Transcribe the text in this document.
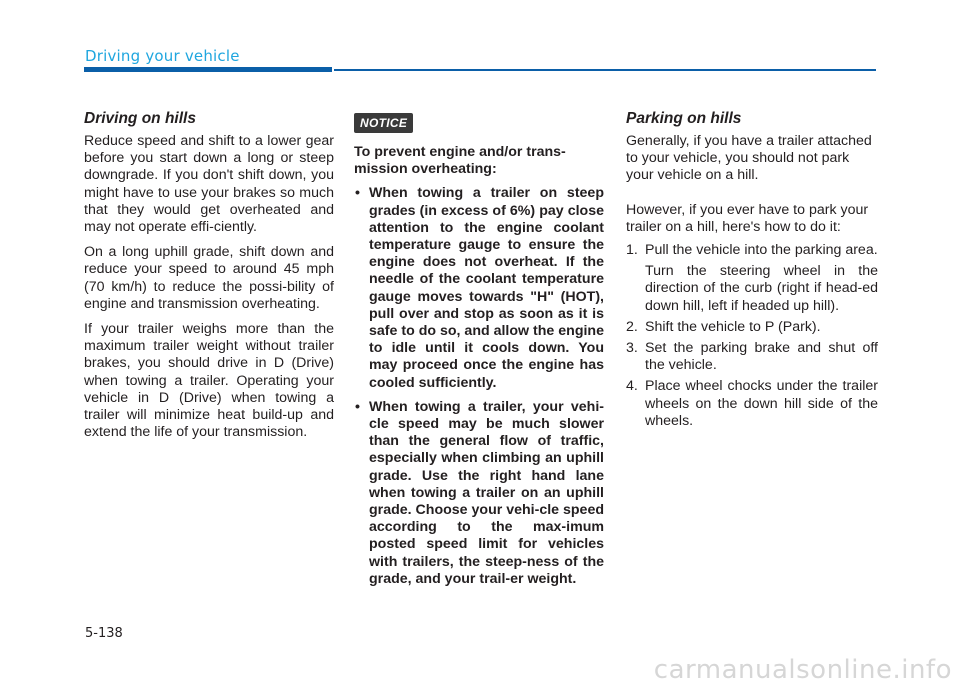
Driving your vehicle
Driving on hills

Reduce speed and shift to a lower gear before you start down a long or steep downgrade. If you don't shift down, you might have to use your brakes so much that they would get overheated and may not operate effi-ciently.

On a long uphill grade, shift down and reduce your speed to around 45 mph (70 km/h) to reduce the possi-bility of engine and transmission overheating.

If your trailer weighs more than the maximum trailer weight without trailer brakes, you should drive in D (Drive) when towing a trailer. Operating your vehicle in D (Drive) when towing a trailer will minimize heat build-up and extend the life of your transmission.

NOTICE

To prevent engine and/or trans-mission overheating:

• When towing a trailer on steep grades (in excess of 6%) pay close attention to the engine coolant temperature gauge to ensure the engine does not overheat. If the needle of the coolant temperature gauge moves towards "H" (HOT), pull over and stop as soon as it is safe to do so, and allow the engine to idle until it cools down. You may proceed once the engine has cooled sufficiently.
• When towing a trailer, your vehi-cle speed may be much slower than the general flow of traffic, especially when climbing an uphill grade. Use the right hand lane when towing a trailer on an uphill grade. Choose your vehi-cle speed according to the max-imum posted speed limit for vehicles with trailers, the steep-ness of the grade, and your trail-er weight.
Parking on hills

Generally, if you have a trailer attached to your vehicle, you should not park your vehicle on a hill.

However, if you ever have to park your trailer on a hill, here's how to do it:

1. Pull the vehicle into the parking area.
Turn the steering wheel in the direction of the curb (right if head-ed down hill, left if headed up hill).
2. Shift the vehicle to P (Park).
3. Set the parking brake and shut off the vehicle.
4. Place wheel chocks under the trailer wheels on the down hill side of the wheels.
5-138
carmanualsonline.info
